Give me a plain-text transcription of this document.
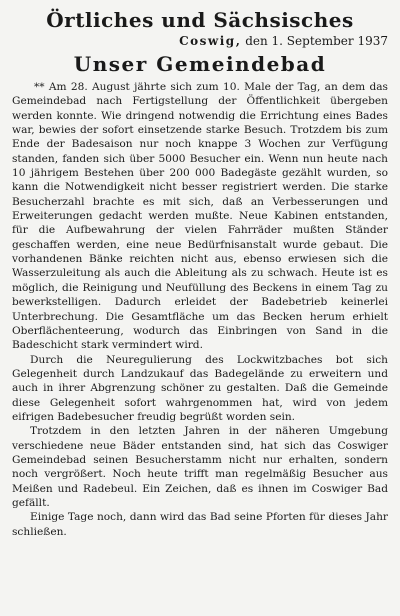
Örtliches und Sächsisches
Coswig, den 1. September 1937
Unser Gemeindebad

** Am 28. August jährte sich zum 10. Male der Tag, an dem das Gemeindebad nach Fertigstellung der Öffentlichkeit übergeben werden konnte. Wie dringend notwendig die Errichtung eines Bades war, bewies der sofort einsetzende starke Besuch. Trotzdem bis zum Ende der Badesaison nur noch knappe 3 Wochen zur Verfügung standen, fanden sich über 5000 Besucher ein. Wenn nun heute nach 10 jährigem Bestehen über 200 000 Badegäste gezählt wurden, so kann die Notwendigkeit nicht besser registriert werden. Die starke Besucherzahl brachte es mit sich, daß an Verbesserungen und Erweiterungen gedacht werden mußte. Neue Kabinen entstanden, für die Aufbewahrung der vielen Fahrräder mußten Ständer geschaffen werden, eine neue Bedürfnisanstalt wurde gebaut. Die vorhandenen Bänke reichten nicht aus, ebenso erwiesen sich die Wasserzuleitung als auch die Ableitung als zu schwach. Heute ist es möglich, die Reinigung und Neufüllung des Beckens in einem Tag zu bewerkstelligen. Dadurch erleidet der Badebetrieb keinerlei Unterbrechung. Die Gesamtfläche um das Becken herum erhielt Oberflächenteerung, wodurch das Einbringen von Sand in die Badeschicht stark vermindert wird.

Durch die Neuregulierung des Lockwitzbaches bot sich Gelegenheit durch Landzukauf das Badegelände zu erweitern und auch in ihrer Abgrenzung schöner zu gestalten. Daß die Gemeinde diese Gelegenheit sofort wahrgenommen hat, wird von jedem eifrigen Badebesucher freudig begrüßt worden sein.

Trotzdem in den letzten Jahren in der näheren Umgebung verschiedene neue Bäder entstanden sind, hat sich das Coswiger Gemeindebad seinen Besucherstamm nicht nur erhalten, sondern noch vergrößert. Noch heute trifft man regelmäßig Besucher aus Meißen und Radebeul. Ein Zeichen, daß es ihnen im Coswiger Bad gefällt.

Einige Tage noch, dann wird das Bad seine Pforten für dieses Jahr schließen.
